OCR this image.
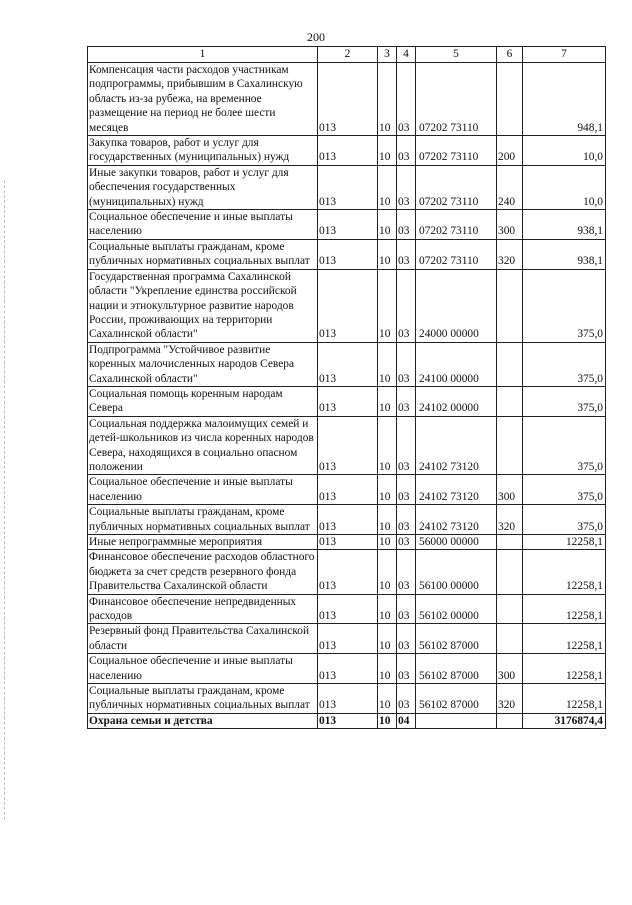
200
1	2	3	4	5	6	7
Компенсация части расходов участникам подпрограммы, прибывшим в Сахалинскую область из-за рубежа, на временное размещение на период не более шести месяцев	013	10	03	07202 73110		948,1
Закупка товаров, работ и услуг для государственных (муниципальных) нужд	013	10	03	07202 73110	200	10,0
Иные закупки товаров, работ и услуг для обеспечения государственных (муниципальных) нужд	013	10	03	07202 73110	240	10,0
Социальное обеспечение и иные выплаты населению	013	10	03	07202 73110	300	938,1
Социальные выплаты гражданам, кроме публичных нормативных социальных выплат	013	10	03	07202 73110	320	938,1
Государственная программа Сахалинской области "Укрепление единства российской нации и этнокультурное развитие народов России, проживающих на территории Сахалинской области"	013	10	03	24000 00000		375,0
Подпрограмма "Устойчивое развитие коренных малочисленных народов Севера Сахалинской области"	013	10	03	24100 00000		375,0
Социальная помощь коренным народам Севера	013	10	03	24102 00000		375,0
Социальная поддержка малоимущих семей и детей-школьников из числа коренных народов Севера, находящихся в социально опасном положении	013	10	03	24102 73120		375,0
Социальное обеспечение и иные выплаты населению	013	10	03	24102 73120	300	375,0
Социальные выплаты гражданам, кроме публичных нормативных социальных выплат	013	10	03	24102 73120	320	375,0
Иные непрограммные мероприятия	013	10	03	56000 00000		12258,1
Финансовое обеспечение расходов областного бюджета за счет средств резервного фонда Правительства Сахалинской области	013	10	03	56100 00000		12258,1
Финансовое обеспечение непредвиденных расходов	013	10	03	56102 00000		12258,1
Резервный фонд Правительства Сахалинской области	013	10	03	56102 87000		12258,1
Социальное обеспечение и иные выплаты населению	013	10	03	56102 87000	300	12258,1
Социальные выплаты гражданам, кроме публичных нормативных социальных выплат	013	10	03	56102 87000	320	12258,1
Охрана семьи и детства	013	10	04			3176874,4
